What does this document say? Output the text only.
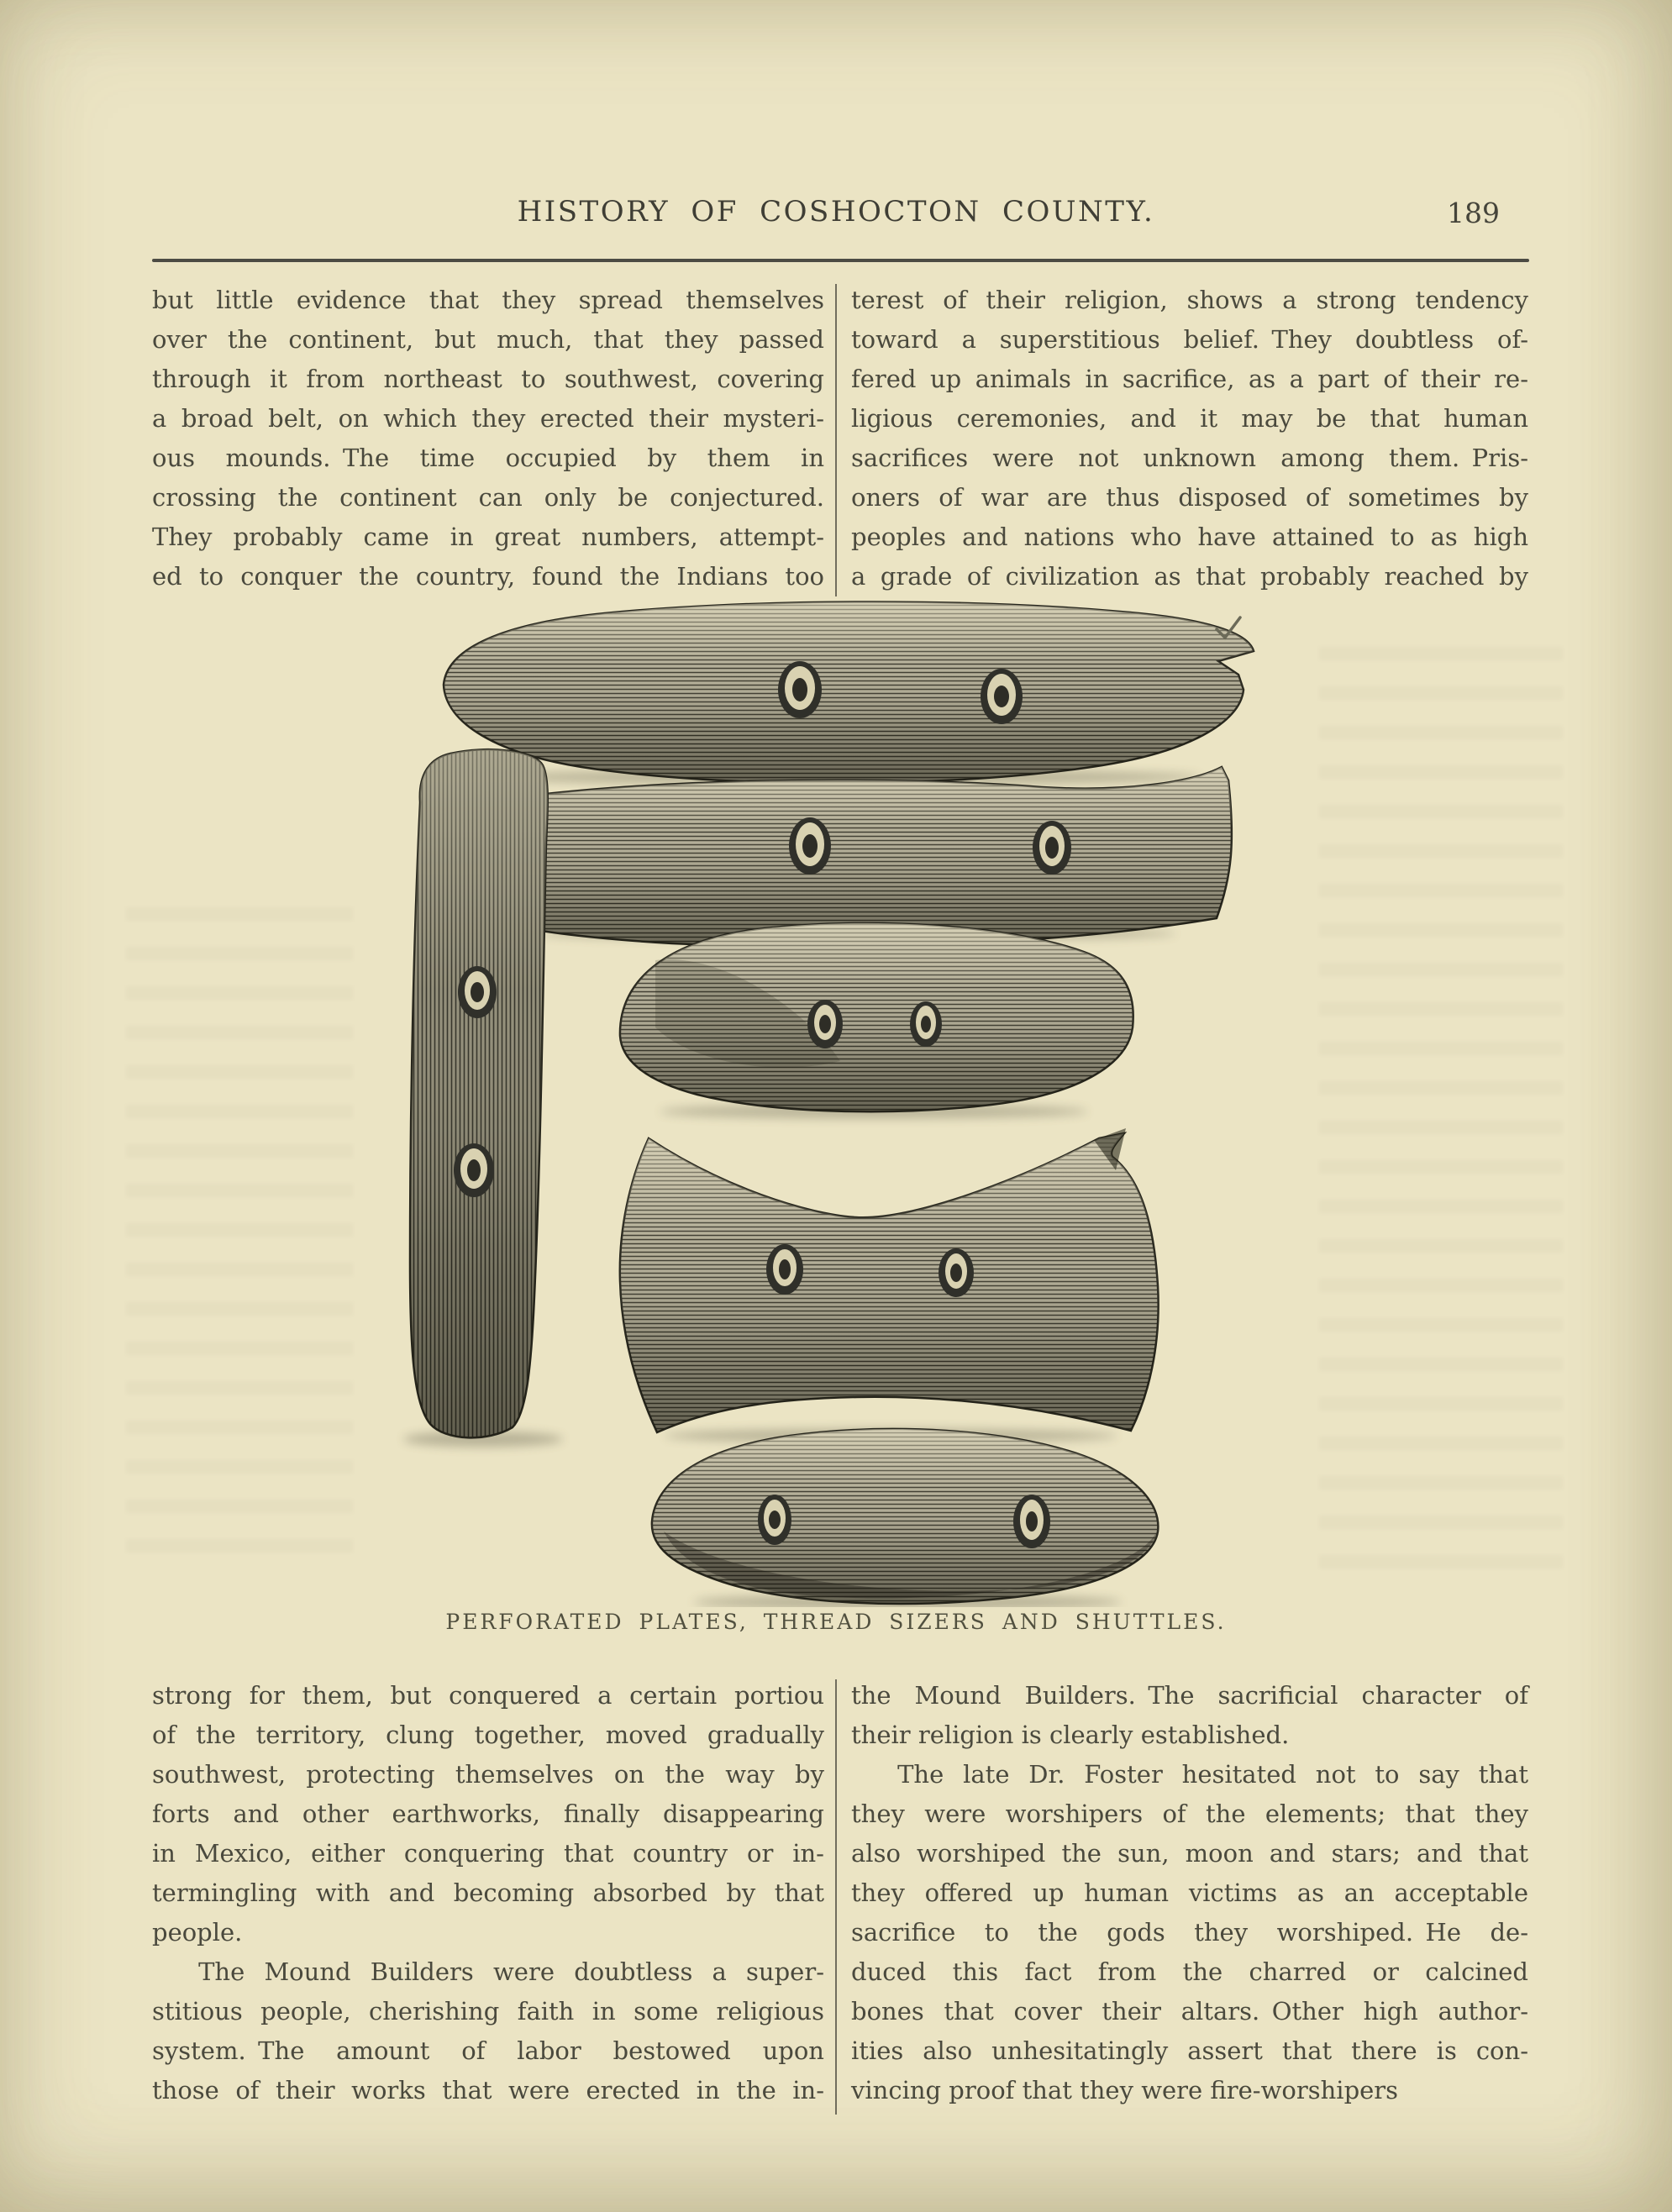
HISTORY OF COSHOCTON COUNTY.	189
but little evidence that they spread themselves
over the continent, but much, that they passed
through it from northeast to southwest, covering
a broad belt, on which they erected their mysteri-
ous mounds. The time occupied by them in
crossing the continent can only be conjectured.
They probably came in great numbers, attempt-
ed to conquer the country, found the Indians too
terest of their religion, shows a strong tendency
toward a superstitious belief. They doubtless of-
fered up animals in sacrifice, as a part of their re-
ligious ceremonies, and it may be that human
sacrifices were not unknown among them. Pris-
oners of war are thus disposed of sometimes by
peoples and nations who have attained to as high
a grade of civilization as that probably reached by
PERFORATED PLATES, THREAD SIZERS AND SHUTTLES.
strong for them, but conquered a certain portiou
of the territory, clung together, moved gradually
southwest, protecting themselves on the way by
forts and other earthworks, finally disappearing
in Mexico, either conquering that country or in-
termingling with and becoming absorbed by that
people.
The Mound Builders were doubtless a super-
stitious people, cherishing faith in some religious
system. The amount of labor bestowed upon
those of their works that were erected in the in-
the Mound Builders. The sacrificial character of
their religion is clearly established.
The late Dr. Foster hesitated not to say that
they were worshipers of the elements; that they
also worshiped the sun, moon and stars; and that
they offered up human victims as an acceptable
sacrifice to the gods they worshiped. He de-
duced this fact from the charred or calcined
bones that cover their altars. Other high author-
ities also unhesitatingly assert that there is con-
vincing proof that they were fire-worshipers
